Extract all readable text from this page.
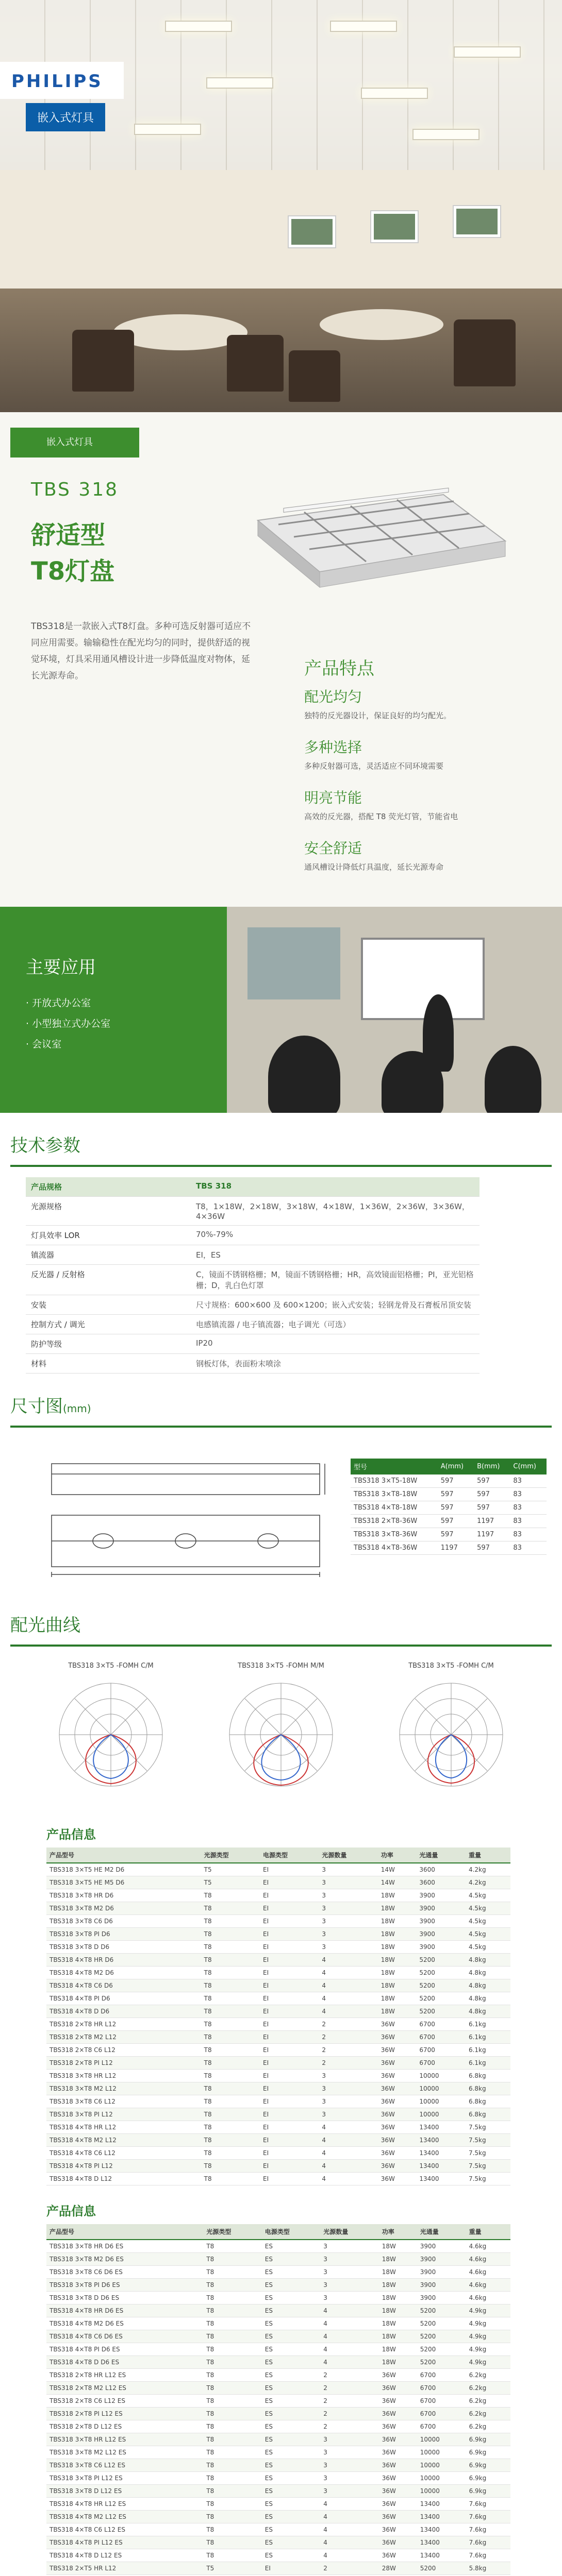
PHILIPS
嵌入式灯具
嵌入式灯具
TBS 318
舒适型
T8灯盘
TBS318是一款嵌入式T8灯盘。多种可选反射器可适应不同应用需要。输输稳性在配光均匀的同时，提供舒适的视觉环境，灯具采用通风槽设计进一步降低温度对物体，延长光源寿命。	产品特点
配光均匀
独特的反光器设计，保证良好的均匀配光。
多种选择
多种反射器可选，灵活适应不同环境需要
明亮节能
高效的反光器，搭配 T8 荧光灯管，节能省电
安全舒适
通风槽设计降低灯具温度，延长光源寿命
主要应用
· 开放式办公室
· 小型独立式办公室
· 会议室
技术参数
产品规格	TBS 318
光源规格	T8，1×18W，2×18W，3×18W，4×18W，1×36W，2×36W，3×36W，4×36W
灯具效率 LOR	70%-79%
镇流器	EI，ES
反光器 / 反射格	C，镜面不锈钢格栅；M，镜面不锈钢格栅；HR，高效镜面铝格栅；PI，亚光铝格栅；D，乳白色灯罩
安装	尺寸规格：600×600 及 600×1200；嵌入式安装；轻钢龙骨及石膏板吊顶安装
控制方式 / 调光	电感镇流器 / 电子镇流器；电子调光（可选）
防护等级	IP20
材料	钢板灯体，表面粉末喷涂
尺寸图(mm)
型号	A(mm)	B(mm)	C(mm)
TBS318 3×T5-18W	597	597	83
TBS318 3×T8-18W	597	597	83
TBS318 4×T8-18W	597	597	83
TBS318 2×T8-36W	597	1197	83
TBS318 3×T8-36W	597	1197	83
TBS318 4×T8-36W	1197	597	83
配光曲线
TBS318 3×T5 -FOMH C/M	TBS318 3×T5 -FOMH M/M	TBS318 3×T5 -FOMH C/M
产品信息
产品型号	光源类型	电源类型	光源数量	功率	光通量	重量
TBS318 3×T5 HE M2 D6	T5	EI	3	14W	3600	4.2kg
TBS318 3×T5 HE M5 D6	T5	EI	3	14W	3600	4.2kg
TBS318 3×T8 HR D6	T8	EI	3	18W	3900	4.5kg
TBS318 3×T8 M2 D6	T8	EI	3	18W	3900	4.5kg
TBS318 3×T8 C6 D6	T8	EI	3	18W	3900	4.5kg
TBS318 3×T8 PI D6	T8	EI	3	18W	3900	4.5kg
TBS318 3×T8 D D6	T8	EI	3	18W	3900	4.5kg
TBS318 4×T8 HR D6	T8	EI	4	18W	5200	4.8kg
TBS318 4×T8 M2 D6	T8	EI	4	18W	5200	4.8kg
TBS318 4×T8 C6 D6	T8	EI	4	18W	5200	4.8kg
TBS318 4×T8 PI D6	T8	EI	4	18W	5200	4.8kg
TBS318 4×T8 D D6	T8	EI	4	18W	5200	4.8kg
TBS318 2×T8 HR L12	T8	EI	2	36W	6700	6.1kg
TBS318 2×T8 M2 L12	T8	EI	2	36W	6700	6.1kg
TBS318 2×T8 C6 L12	T8	EI	2	36W	6700	6.1kg
TBS318 2×T8 PI L12	T8	EI	2	36W	6700	6.1kg
TBS318 3×T8 HR L12	T8	EI	3	36W	10000	6.8kg
TBS318 3×T8 M2 L12	T8	EI	3	36W	10000	6.8kg
TBS318 3×T8 C6 L12	T8	EI	3	36W	10000	6.8kg
TBS318 3×T8 PI L12	T8	EI	3	36W	10000	6.8kg
TBS318 4×T8 HR L12	T8	EI	4	36W	13400	7.5kg
TBS318 4×T8 M2 L12	T8	EI	4	36W	13400	7.5kg
TBS318 4×T8 C6 L12	T8	EI	4	36W	13400	7.5kg
TBS318 4×T8 PI L12	T8	EI	4	36W	13400	7.5kg
TBS318 4×T8 D L12	T8	EI	4	36W	13400	7.5kg
产品信息
产品型号	光源类型	电源类型	光源数量	功率	光通量	重量
TBS318 3×T8 HR D6 ES	T8	ES	3	18W	3900	4.6kg
TBS318 3×T8 M2 D6 ES	T8	ES	3	18W	3900	4.6kg
TBS318 3×T8 C6 D6 ES	T8	ES	3	18W	3900	4.6kg
TBS318 3×T8 PI D6 ES	T8	ES	3	18W	3900	4.6kg
TBS318 3×T8 D D6 ES	T8	ES	3	18W	3900	4.6kg
TBS318 4×T8 HR D6 ES	T8	ES	4	18W	5200	4.9kg
TBS318 4×T8 M2 D6 ES	T8	ES	4	18W	5200	4.9kg
TBS318 4×T8 C6 D6 ES	T8	ES	4	18W	5200	4.9kg
TBS318 4×T8 PI D6 ES	T8	ES	4	18W	5200	4.9kg
TBS318 4×T8 D D6 ES	T8	ES	4	18W	5200	4.9kg
TBS318 2×T8 HR L12 ES	T8	ES	2	36W	6700	6.2kg
TBS318 2×T8 M2 L12 ES	T8	ES	2	36W	6700	6.2kg
TBS318 2×T8 C6 L12 ES	T8	ES	2	36W	6700	6.2kg
TBS318 2×T8 PI L12 ES	T8	ES	2	36W	6700	6.2kg
TBS318 2×T8 D L12 ES	T8	ES	2	36W	6700	6.2kg
TBS318 3×T8 HR L12 ES	T8	ES	3	36W	10000	6.9kg
TBS318 3×T8 M2 L12 ES	T8	ES	3	36W	10000	6.9kg
TBS318 3×T8 C6 L12 ES	T8	ES	3	36W	10000	6.9kg
TBS318 3×T8 PI L12 ES	T8	ES	3	36W	10000	6.9kg
TBS318 3×T8 D L12 ES	T8	ES	3	36W	10000	6.9kg
TBS318 4×T8 HR L12 ES	T8	ES	4	36W	13400	7.6kg
TBS318 4×T8 M2 L12 ES	T8	ES	4	36W	13400	7.6kg
TBS318 4×T8 C6 L12 ES	T8	ES	4	36W	13400	7.6kg
TBS318 4×T8 PI L12 ES	T8	ES	4	36W	13400	7.6kg
TBS318 4×T8 D L12 ES	T8	ES	4	36W	13400	7.6kg
TBS318 2×T5 HR L12	T5	EI	2	28W	5200	5.8kg
